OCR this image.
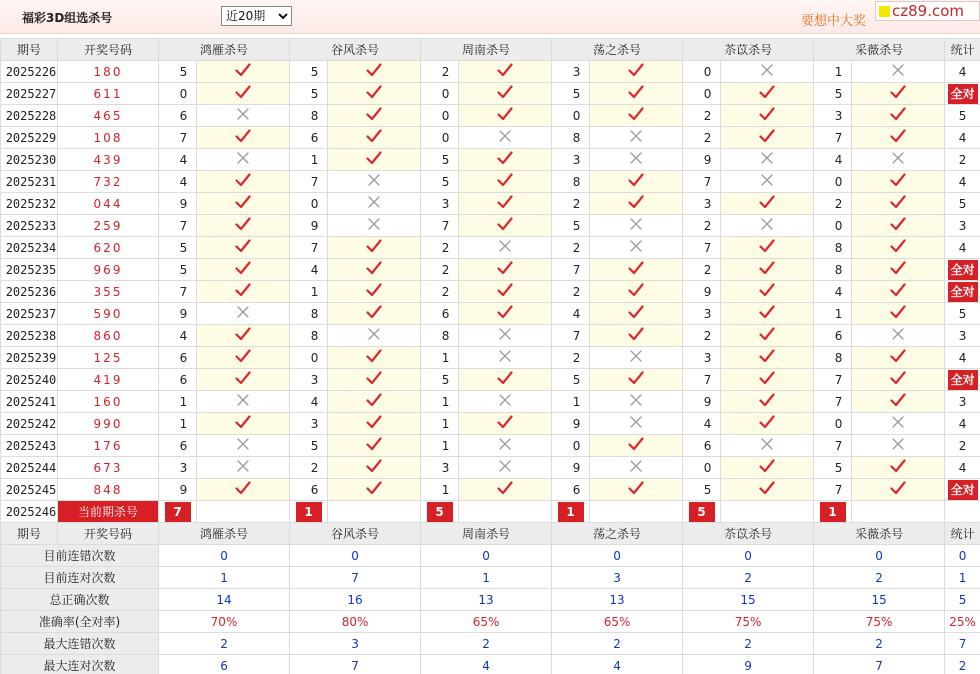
福彩3D组选杀号
近20期	要想中大奖
cz89.com
期号	开奖号码	鸿雁杀号		谷风杀号		周南杀号		荡之杀号		苶苡杀号		采薇杀号		统计
2025226	180	5		5		2		3		0		1		4
2025227	611	0		5		0		5		0		5		全对
2025228	465	6		8		0		0		2		3		5
2025229	108	7		6		0		8		2		7		4
2025230	439	4		1		5		3		9		4		2
2025231	732	4		7		5		8		7		0		4
2025232	044	9		0		3		2		3		2		5
2025233	259	7		9		7		5		2		0		3
2025234	620	5		7		2		2		7		8		4
2025235	969	5		4		2		7		2		8		全对
2025236	355	7		1		2		2		9		4		全对
2025237	590	9		8		6		4		3		1		5
2025238	860	4		8		8		7		2		6		3
2025239	125	6		0		1		2		3		8		4
2025240	419	6		3		5		5		7		7		全对
2025241	160	1		4		1		1		9		7		3
2025242	990	1		3		1		9		4		0		4
2025243	176	6		5		1		0		6		7		2
2025244	673	3		2		3		9		0		5		4
2025245	848	9		6		1		6		5		7		全对
2025246	当前期杀号	7		1		5		1		5		1		
期号	开奖号码	鸿雁杀号		谷风杀号		周南杀号		荡之杀号		苶苡杀号		采薇杀号		统计
目前连错次数		0		0		0		0		0		0		0
目前连对次数		1		7		1		3		2		2		1
总正确次数		14		16		13		13		15		15		5
准确率(全对率)		70%		80%		65%		65%		75%		75%		25%
最大连错次数		2		3		2		2		2		2		7
最大连对次数		6		7		4		4		9		7		2
